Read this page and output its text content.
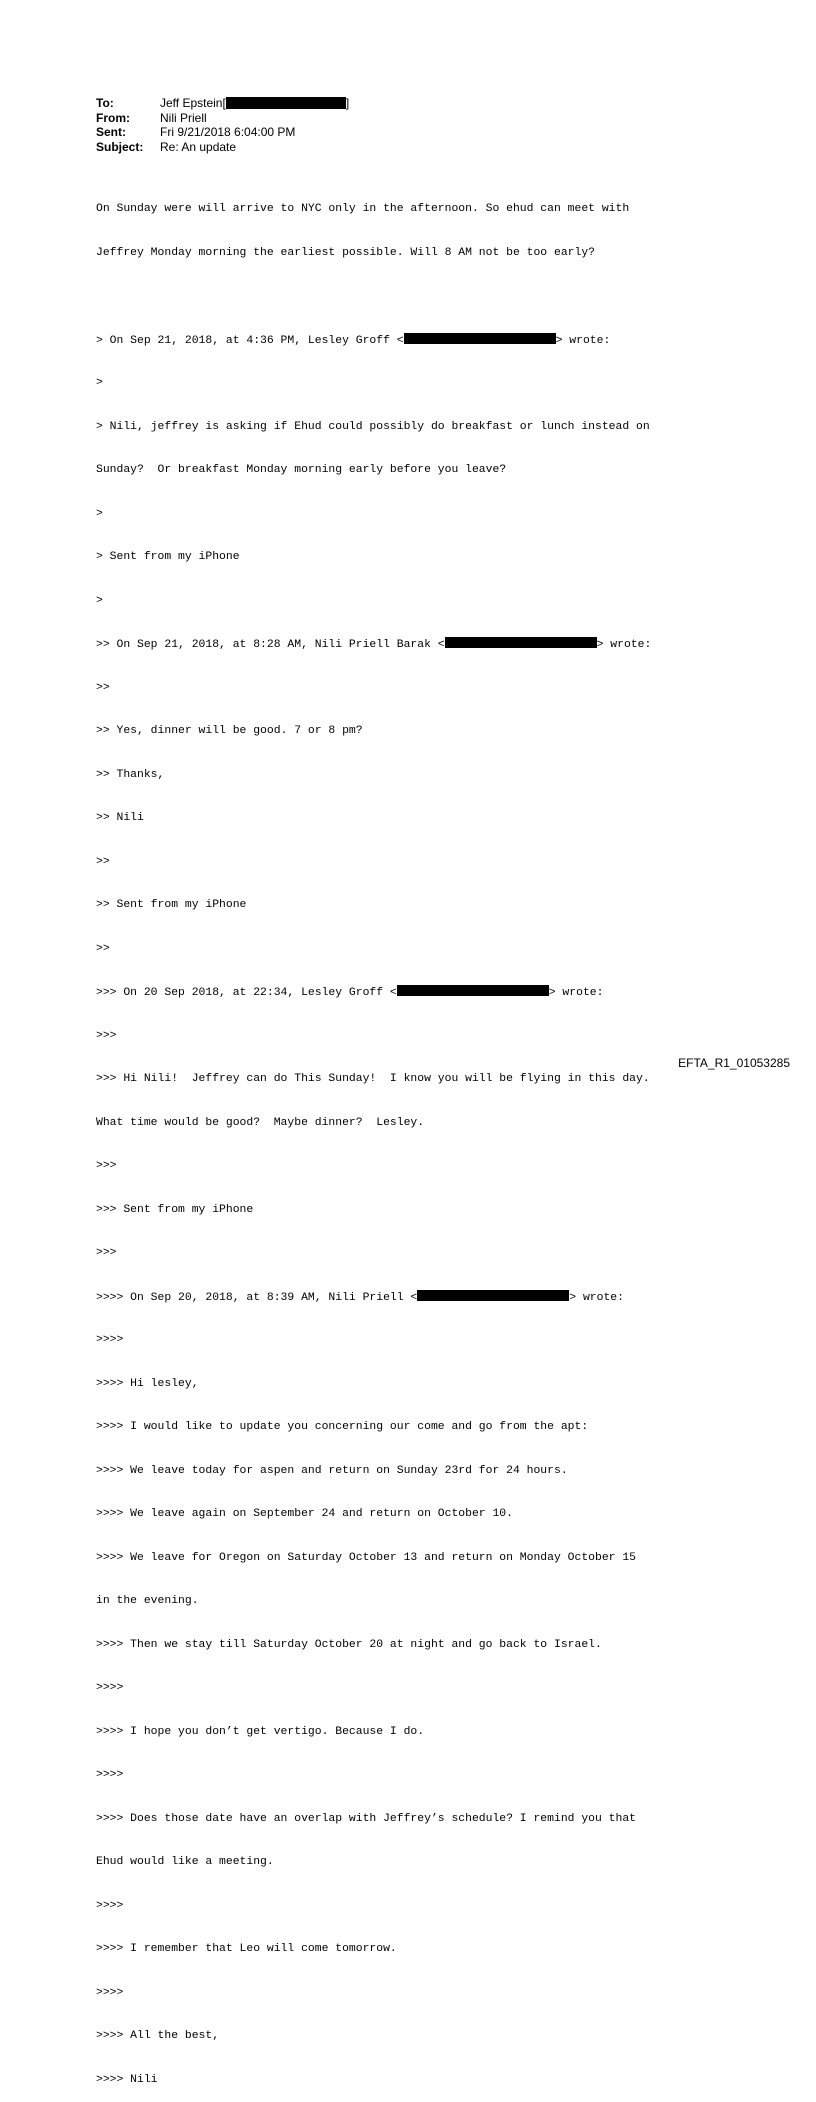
To:	Jeff Epstein[	]
From:	Nili Priell
Sent:	Fri 9/21/2018 6:04:00 PM
Subject:	Re: An update

On Sunday were will arrive to NYC only in the afternoon. So ehud can meet with

Jeffrey Monday morning the earliest possible. Will 8 AM not be too early?

> On Sep 21, 2018, at 4:36 PM, Lesley Groff <	> wrote:

>

> Nili, jeffrey is asking if Ehud could possibly do breakfast or lunch instead on

Sunday?  Or breakfast Monday morning early before you leave?

>

> Sent from my iPhone

>

>> On Sep 21, 2018, at 8:28 AM, Nili Priell Barak <	> wrote:

>>

>> Yes, dinner will be good. 7 or 8 pm?

>> Thanks,

>> Nili

>>

>> Sent from my iPhone

>>

>>> On 20 Sep 2018, at 22:34, Lesley Groff <	> wrote:

>>>

>>> Hi Nili!  Jeffrey can do This Sunday!  I know you will be flying in this day.

What time would be good?  Maybe dinner?  Lesley.

>>>

>>> Sent from my iPhone

>>>

>>>> On Sep 20, 2018, at 8:39 AM, Nili Priell <	> wrote:

>>>>

>>>> Hi lesley,

>>>> I would like to update you concerning our come and go from the apt:

>>>> We leave today for aspen and return on Sunday 23rd for 24 hours.

>>>> We leave again on September 24 and return on October 10.

>>>> We leave for Oregon on Saturday October 13 and return on Monday October 15

in the evening.

>>>> Then we stay till Saturday October 20 at night and go back to Israel.

>>>>

>>>> I hope you don’t get vertigo. Because I do.

>>>>

>>>> Does those date have an overlap with Jeffrey’s schedule? I remind you that

Ehud would like a meeting.

>>>>

>>>> I remember that Leo will come tomorrow.

>>>>

>>>> All the best,

>>>> Nili

EFTA_R1_01053285
